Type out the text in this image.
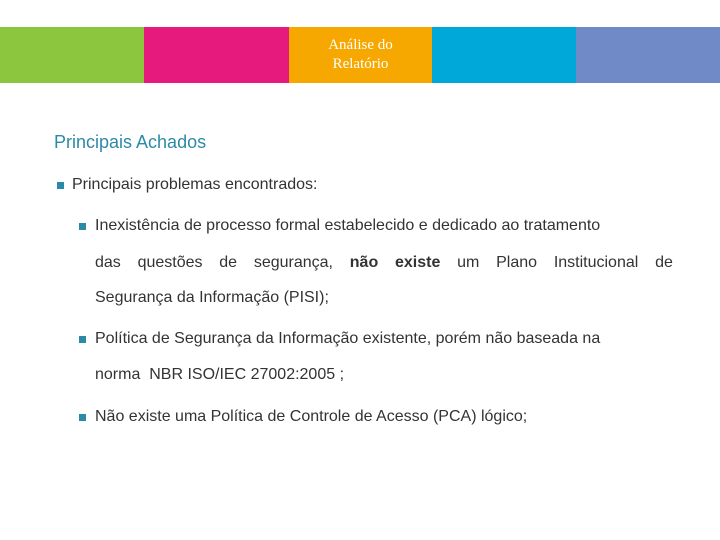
Análise do
Relatório
Principais Achados
Principais problemas encontrados:
Inexistência de processo formal estabelecido e dedicado ao tratamento
das questões de segurança, não existe um Plano Institucional de
Segurança da Informação (PISI);
Política de Segurança da Informação existente, porém não baseada na
norma  NBR ISO/IEC 27002:2005 ;
Não existe uma Política de Controle de Acesso (PCA) lógico;
